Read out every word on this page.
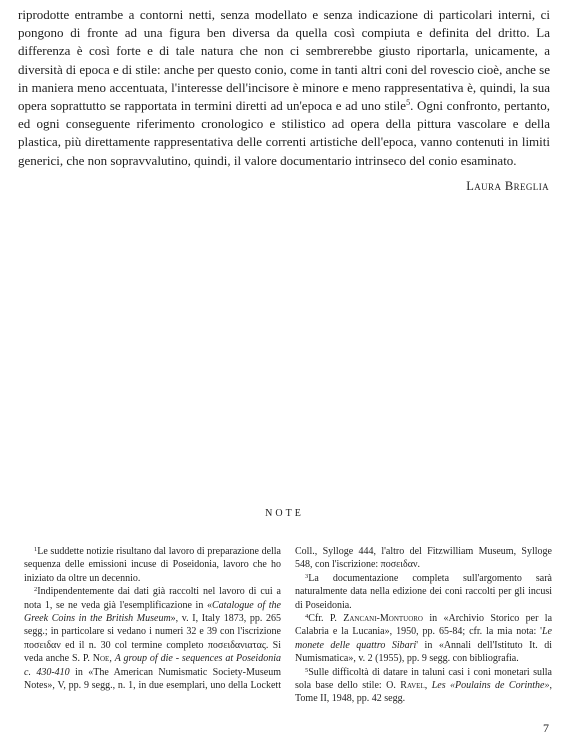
riprodotte entrambe a contorni netti, senza modellato e senza indicazione di particolari interni, ci pongono di fronte ad una figura ben diversa da quella così compiuta e definita del dritto. La differenza è così forte e di tale natura che non ci sembrerebbe giusto riportarla, unicamente, a diversità di epoca e di stile: anche per questo conio, come in tanti altri coni del rovescio cioè, anche se in maniera meno accentuata, l'interesse dell'incisore è minore e meno rappresentativa è, quindi, la sua opera soprattutto se rapportata in termini diretti ad un'epoca e ad uno stile$^5$. Ogni confronto, pertanto, ed ogni conseguente riferimento cronologico e stilistico ad opera della pittura vascolare e della plastica, più direttamente rappresentativa delle correnti artistiche dell'epoca, vanno contenuti in limiti generici, che non sopravvalutino, quindi, il valore documentario intrinseco del conio esaminato.

Laura Breglia

NOTE

$^1$Le suddette notizie risultano dal lavoro di preparazione della sequenza delle emissioni incuse di Poseidonia, lavoro che ho iniziato da oltre un decennio.

$^2$Indipendentemente dai dati già raccolti nel lavoro di cui a nota 1, se ne veda già l'esemplificazione in «Catalogue of the Greek Coins in the British Museum», v. I, Italy 1873, pp. 265 segg.; in particolare si vedano i numeri 32 e 39 con l'iscrizione ποσειδαν ed il n. 30 col termine completo ποσειδανιατας. Si veda anche S. P. Noe, A group of die - sequences at Poseidonia c. 430-410 in «The American Numismatic Society-Museum Notes», V, pp. 9 segg., n. 1, in due esemplari, uno della Lockett Coll., Sylloge 444, l'altro del Fitzwilliam Museum, Sylloge 548, con l'iscrizione: ποσειδαν.

$^3$La documentazione completa sull'argomento sarà naturalmente data nella edizione dei coni raccolti per gli incusi di Poseidonia.

$^4$Cfr. P. Zancani-Montuoro in «Archivio Storico per la Calabria e la Lucania», 1950, pp. 65-84; cfr. la mia nota: 'Le monete delle quattro Sibari' in «Annali dell'Istituto It. di Numismatica», v. 2 (1955), pp. 9 segg. con bibliografia.

$^5$Sulle difficoltà di datare in taluni casi i coni monetari sulla sola base dello stile: O. Ravel, Les «Poulains de Corinthe», Tome II, 1948, pp. 42 segg.

7
